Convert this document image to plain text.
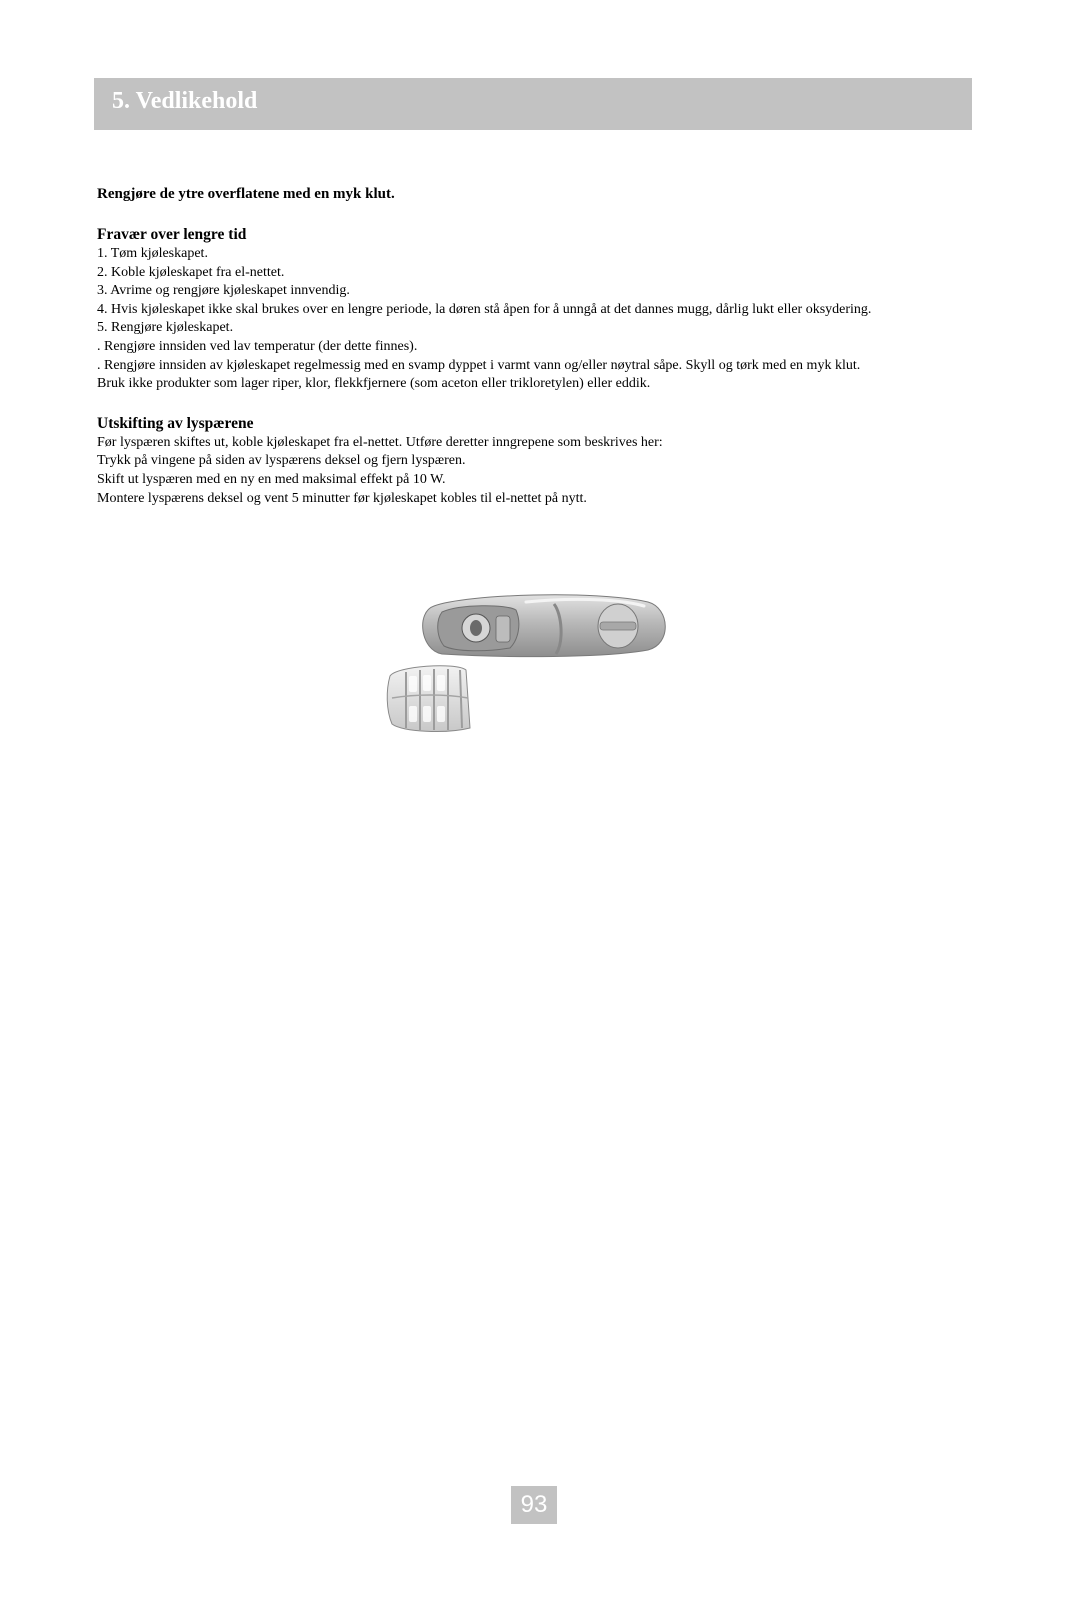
5. Vedlikehold

Rengjøre de ytre overflatene med en myk klut.

Fravær over lengre tid

1. Tøm kjøleskapet.

2. Koble kjøleskapet fra el-nettet.

3. Avrime og rengjøre kjøleskapet innvendig.

4. Hvis kjøleskapet ikke skal brukes over en lengre periode, la døren stå åpen for å unngå at det dannes mugg, dårlig lukt eller oksydering.

5. Rengjøre kjøleskapet.

. Rengjøre innsiden ved lav temperatur (der dette finnes).

. Rengjøre innsiden av kjøleskapet regelmessig med en svamp dyppet i varmt vann og/eller nøytral såpe. Skyll og tørk med en myk klut.

Bruk ikke produkter som lager riper, klor, flekkfjernere (som aceton eller trikloretylen) eller eddik.

Utskifting av lyspærene

Før lyspæren skiftes ut, koble kjøleskapet fra el-nettet. Utføre deretter inngrepene som beskrives her:

Trykk på vingene på siden av lyspærens deksel og fjern lyspæren.

Skift ut lyspæren med en ny en med maksimal effekt på 10 W.

Montere lyspærens deksel og vent 5 minutter før kjøleskapet kobles til el-nettet på nytt.

93
